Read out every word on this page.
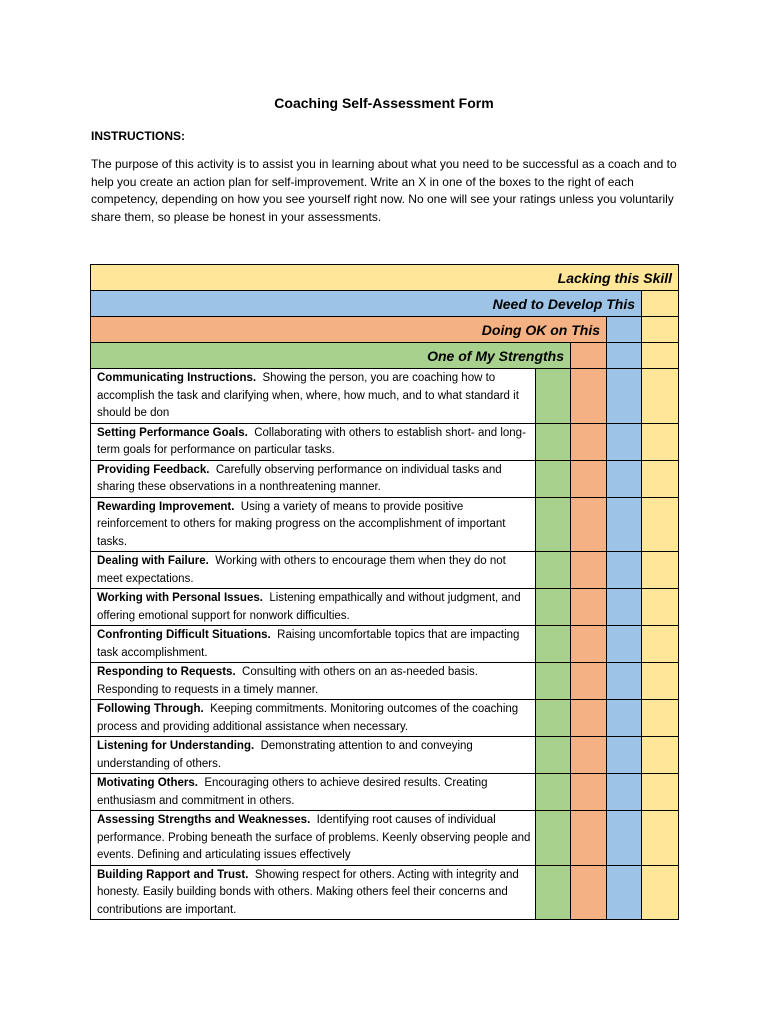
Coaching Self-Assessment Form

INSTRUCTIONS:

The purpose of this activity is to assist you in learning about what you need to be successful as a coach and to help you create an action plan for self-improvement. Write an X in one of the boxes to the right of each competency, depending on how you see yourself right now. No one will see your ratings unless you voluntarily share them, so please be honest in your assessments.

Lacking this Skill				
Need to Develop This				
Doing OK on This				
One of My Strengths				
Communicating Instructions. Showing the person, you are coaching how to accomplish the task and clarifying when, where, how much, and to what standard it should be don				
Setting Performance Goals. Collaborating with others to establish short- and long-term goals for performance on particular tasks.				
Providing Feedback. Carefully observing performance on individual tasks and sharing these observations in a nonthreatening manner.				
Rewarding Improvement. Using a variety of means to provide positive reinforcement to others for making progress on the accomplishment of important tasks.				
Dealing with Failure. Working with others to encourage them when they do not meet expectations.				
Working with Personal Issues. Listening empathically and without judgment, and offering emotional support for nonwork difficulties.				
Confronting Difficult Situations. Raising uncomfortable topics that are impacting task accomplishment.				
Responding to Requests. Consulting with others on an as-needed basis. Responding to requests in a timely manner.				
Following Through. Keeping commitments. Monitoring outcomes of the coaching process and providing additional assistance when necessary.				
Listening for Understanding. Demonstrating attention to and conveying understanding of others.				
Motivating Others. Encouraging others to achieve desired results. Creating enthusiasm and commitment in others.				
Assessing Strengths and Weaknesses. Identifying root causes of individual performance. Probing beneath the surface of problems. Keenly observing people and events. Defining and articulating issues effectively				
Building Rapport and Trust. Showing respect for others. Acting with integrity and honesty. Easily building bonds with others. Making others feel their concerns and contributions are important.				
